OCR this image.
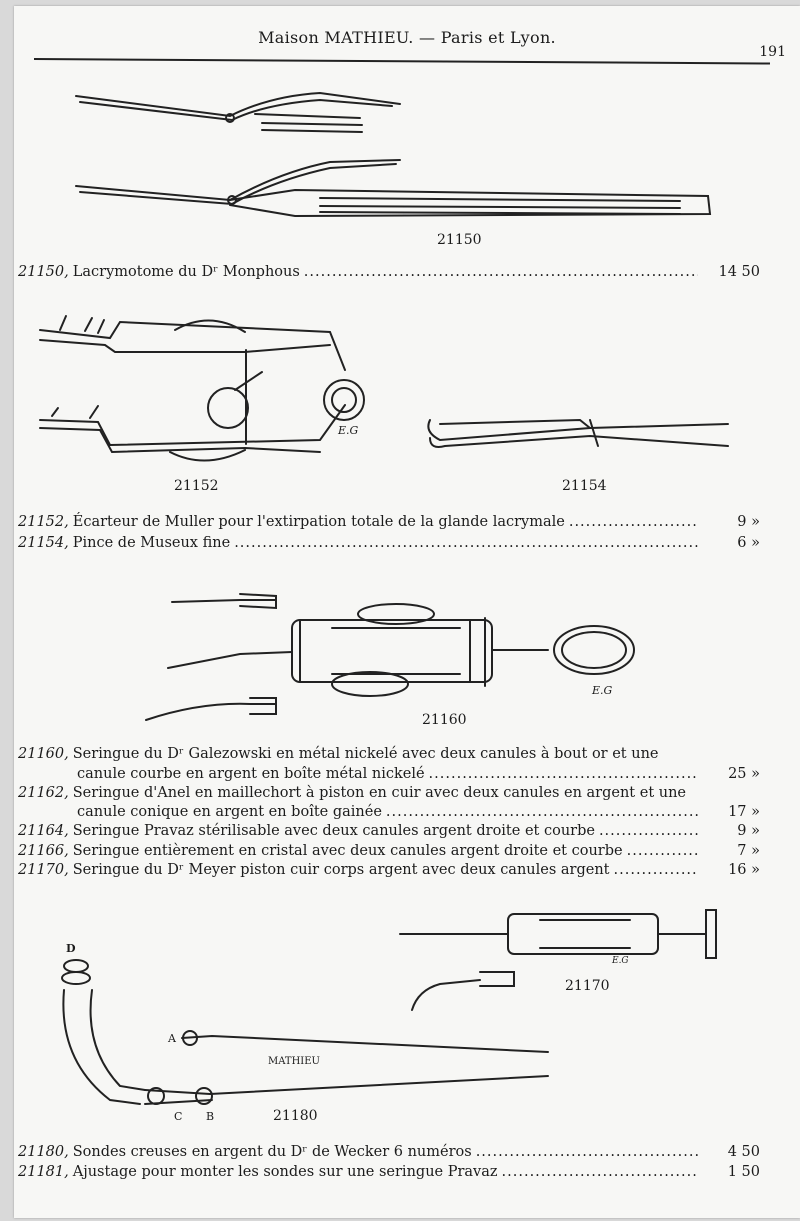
Maison MATHIEU. — Paris et Lyon.
191
21150
21152	21154
21160
21170
21180
E.G
E.G
E.G
MATHIEU
D
A
C B
21150, Lacrymotome du Dʳ Monphous .....	14 50
21152, Écarteur de Muller pour l'extirpation totale de la glande lacrymale .....	9 »
21154, Pince de Museux fine .....	6 »
21160, Seringue du Dʳ Galezowski en métal nickelé avec deux canules à bout or et une
canule courbe en argent en boîte métal nickelé .....	25 »
21162, Seringue d'Anel en maillechort à piston en cuir avec deux canules en argent et une
canule conique en argent en boîte gainée .....	17 »
21164, Seringue Pravaz stérilisable avec deux canules argent droite et courbe .....	9 »
21166, Seringue entièrement en cristal avec deux canules argent droite et courbe .....	7 »
21170, Seringue du Dʳ Meyer piston cuir corps argent avec deux canules argent .....	16 »
21180, Sondes creuses en argent du Dʳ de Wecker 6 numéros .....	4 50
21181, Ajustage pour monter les sondes sur une seringue Pravaz .....	1 50
